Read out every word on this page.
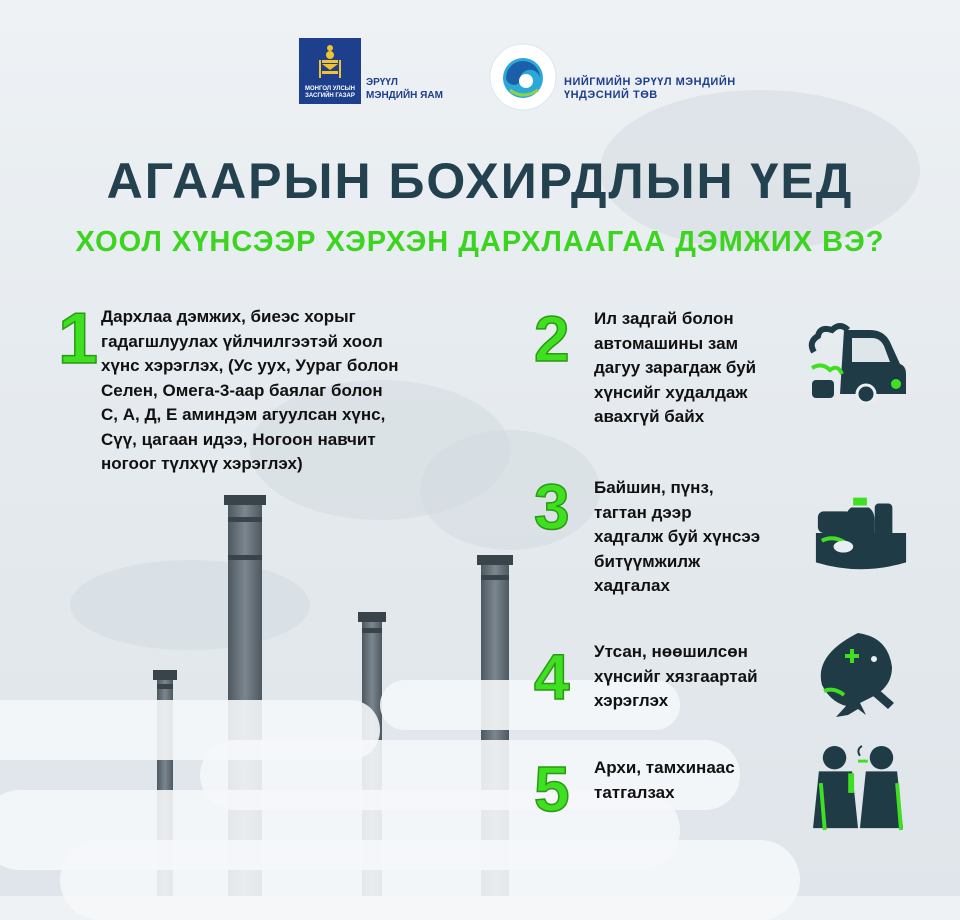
МОНГОЛ УЛСЫН
ЗАСГИЙН ГАЗАР
ЭРҮҮЛ
МЭНДИЙН ЯАМ
НИЙГМИЙН ЭРҮҮЛ МЭНДИЙН
ҮНДЭСНИЙ ТӨВ
АГААРЫН БОХИРДЛЫН ҮЕД
ХООЛ ХҮНСЭЭР ХЭРХЭН ДАРХЛААГАА ДЭМЖИХ ВЭ?
1 Дархлаа дэмжих, биеэс хорыг
гадагшлуулах үйлчилгээтэй хоол
хүнс хэрэглэх, (Ус уух, Уураг болон
Селен, Омега-3-аар баялаг болон
С, А, Д, Е аминдэм агуулсан хүнс,
Сүү, цагаан идээ, Ногоон навчит
ногоог түлхүү хэрэглэх)
2 Ил задгай болон
автомашины зам
дагуу зарагдаж буй
хүнсийг худалдаж
авахгүй байх
3 Байшин, пүнз,
тагтан дээр
хадгалж буй хүнсээ
битүүмжилж
хадгалах
4 Утсан, нөөшилсөн
хүнсийг хязгаартай
хэрэглэх
5 Архи, тамхинаас
татгалзах
